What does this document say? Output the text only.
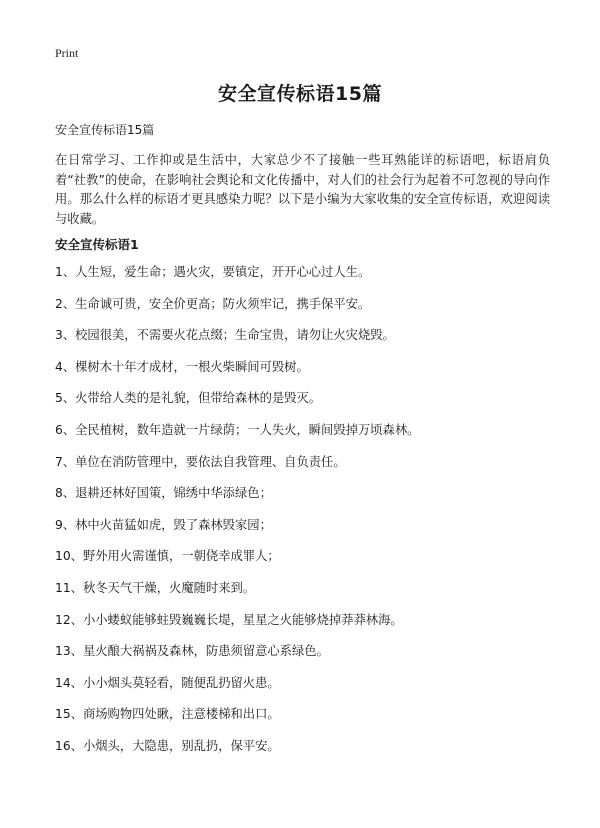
Print
安全宣传标语15篇
安全宣传标语15篇
在日常学习、工作抑或是生活中，大家总少不了接触一些耳熟能详的标语吧，标语肩负着“社教”的使命，在影响社会舆论和文化传播中，对人们的社会行为起着不可忽视的导向作用。那么什么样的标语才更具感染力呢？以下是小编为大家收集的安全宣传标语，欢迎阅读与收藏。
安全宣传标语1
1、人生短，爱生命；遇火灾，要镇定，开开心心过人生。
2、生命诚可贵，安全价更高；防火须牢记，携手保平安。
3、校园很美，不需要火花点缀；生命宝贵，请勿让火灾烧毁。
4、棵树木十年才成材，一根火柴瞬间可毁树。
5、火带给人类的是礼貌，但带给森林的是毁灭。
6、全民植树，数年造就一片绿荫；一人失火，瞬间毁掉万顷森林。
7、单位在消防管理中，要依法自我管理、自负责任。
8、退耕还林好国策，锦绣中华添绿色；
9、林中火苗猛如虎，毁了森林毁家园；
10、野外用火需谨慎，一朝侥幸成罪人；
11、秋冬天气干燥，火魔随时来到。
12、小小蝼蚁能够蛀毁巍巍长堤，星星之火能够烧掉莽莽林海。
13、星火酿大祸祸及森林，防患须留意心系绿色。
14、小小烟头莫轻看，随便乱扔留火患。
15、商场购物四处瞅，注意楼梯和出口。
16、小烟头，大隐患，别乱扔，保平安。
